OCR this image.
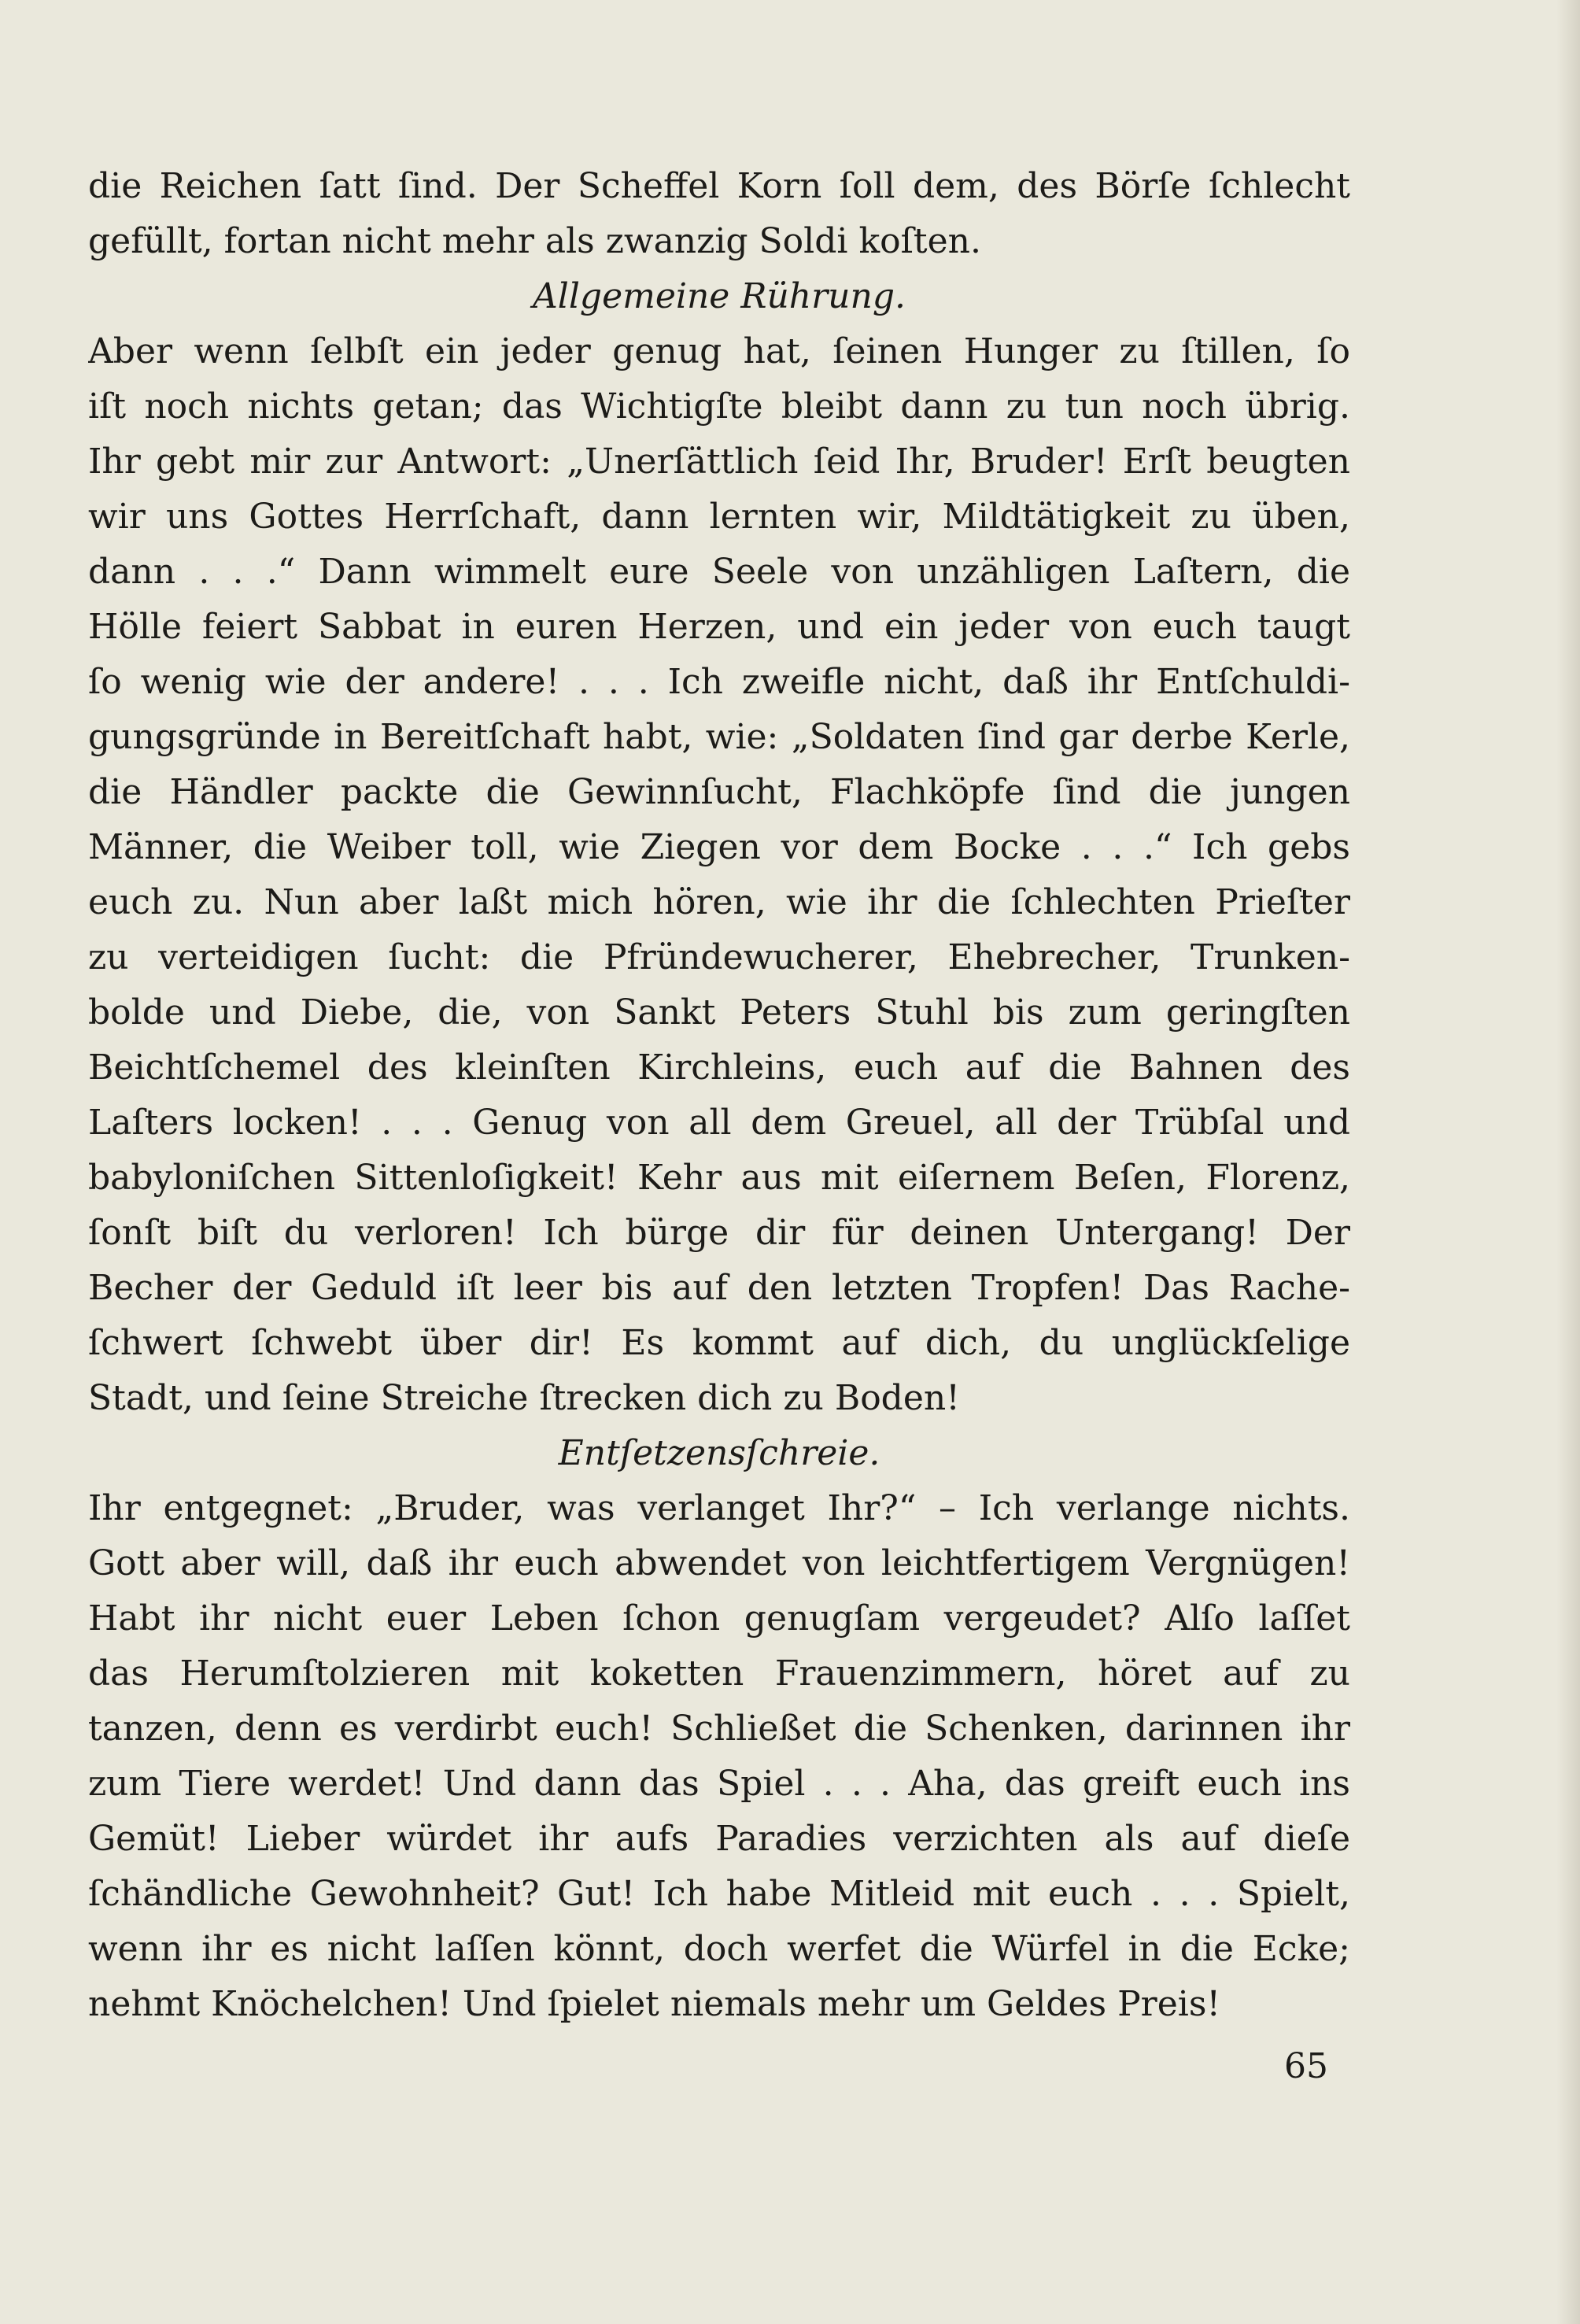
die Reichen ſatt ſind. Der Scheffel Korn ſoll dem, des Börſe ſchlecht
gefüllt, fortan nicht mehr als zwanzig Soldi koſten.
Allgemeine Rührung.
Aber wenn ſelbſt ein jeder genug hat, ſeinen Hunger zu ſtillen, ſo
iſt noch nichts getan; das Wichtigſte bleibt dann zu tun noch übrig.
Ihr gebt mir zur Antwort: „Unerſättlich ſeid Ihr, Bruder! Erſt beugten
wir uns Gottes Herrſchaft, dann lernten wir, Mildtätigkeit zu üben,
dann . . .“ Dann wimmelt eure Seele von unzähligen Laſtern, die
Hölle feiert Sabbat in euren Herzen, und ein jeder von euch taugt
ſo wenig wie der andere! . . . Ich zweifle nicht, daß ihr Entſchuldi-
gungsgründe in Bereitſchaft habt, wie: „Soldaten ſind gar derbe Kerle,
die Händler packte die Gewinnſucht, Flachköpfe ſind die jungen
Männer, die Weiber toll, wie Ziegen vor dem Bocke . . .“ Ich gebs
euch zu. Nun aber laßt mich hören, wie ihr die ſchlechten Prieſter
zu verteidigen ſucht: die Pfründewucherer, Ehebrecher, Trunken-
bolde und Diebe, die, von Sankt Peters Stuhl bis zum geringſten
Beichtſchemel des kleinſten Kirchleins, euch auf die Bahnen des
Laſters locken! . . . Genug von all dem Greuel, all der Trübſal und
babyloniſchen Sittenloſigkeit! Kehr aus mit eiſernem Beſen, Florenz,
ſonſt biſt du verloren! Ich bürge dir für deinen Untergang! Der
Becher der Geduld iſt leer bis auf den letzten Tropfen! Das Rache-
ſchwert ſchwebt über dir! Es kommt auf dich, du unglückſelige
Stadt, und ſeine Streiche ſtrecken dich zu Boden!
Entſetzensſchreie.
Ihr entgegnet: „Bruder, was verlanget Ihr?“ – Ich verlange nichts.
Gott aber will, daß ihr euch abwendet von leichtfertigem Vergnügen!
Habt ihr nicht euer Leben ſchon genugſam vergeudet? Alſo laſſet
das Herumſtolzieren mit koketten Frauenzimmern, höret auf zu
tanzen, denn es verdirbt euch! Schließet die Schenken, darinnen ihr
zum Tiere werdet! Und dann das Spiel . . . Aha, das greift euch ins
Gemüt! Lieber würdet ihr aufs Paradies verzichten als auf dieſe
ſchändliche Gewohnheit? Gut! Ich habe Mitleid mit euch . . . Spielt,
wenn ihr es nicht laſſen könnt, doch werfet die Würfel in die Ecke;
nehmt Knöchelchen! Und ſpielet niemals mehr um Geldes Preis!
65
